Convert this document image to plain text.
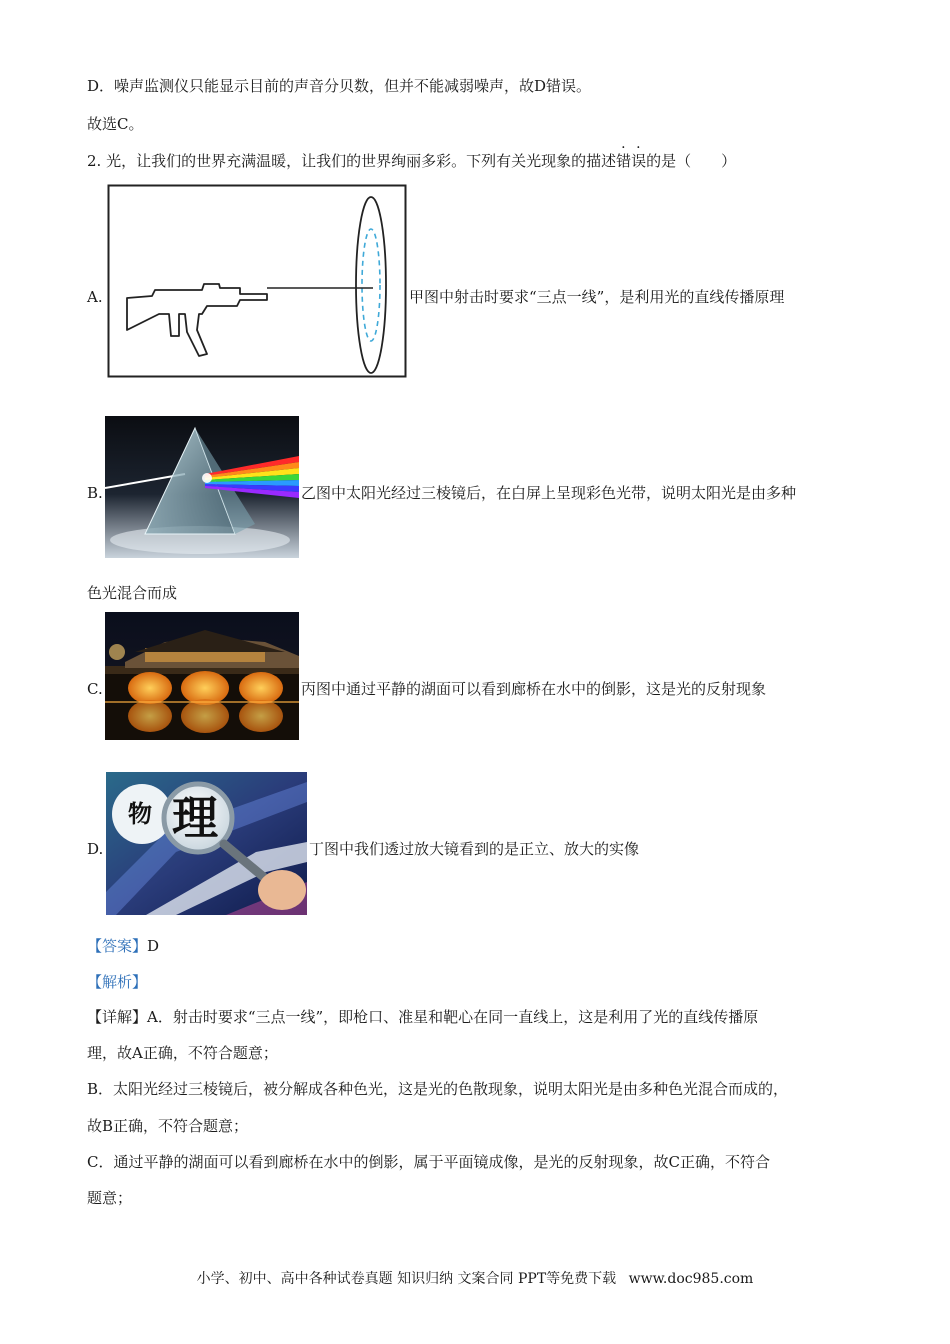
D．噪声监测仪只能显示目前的声音分贝数，但并不能减弱噪声，故D错误。
故选C。
2. 光，让我们的世界充满温暖，让我们的世界绚丽多彩。下列有关光现象的描述错误的是（　　）
A.	甲图中射击时要求“三点一线”，是利用光的直线传播原理
B.	乙图中太阳光经过三棱镜后，在白屏上呈现彩色光带，说明太阳光是由多种
色光混合而成
C.	丙图中通过平静的湖面可以看到廊桥在水中的倒影，这是光的反射现象
D.
物 理
丁图中我们透过放大镜看到的是正立、放大的实像
【答案】D
【解析】
【详解】A．射击时要求“三点一线”，即枪口、准星和靶心在同一直线上，这是利用了光的直线传播原
理，故A正确，不符合题意；
B．太阳光经过三棱镜后，被分解成各种色光，这是光的色散现象，说明太阳光是由多种色光混合而成的，
故B正确，不符合题意；
C．通过平静的湖面可以看到廊桥在水中的倒影，属于平面镜成像，是光的反射现象，故C正确，不符合
题意；
小学、初中、高中各种试卷真题 知识归纳 文案合同 PPT等免费下载 www.doc985.com
